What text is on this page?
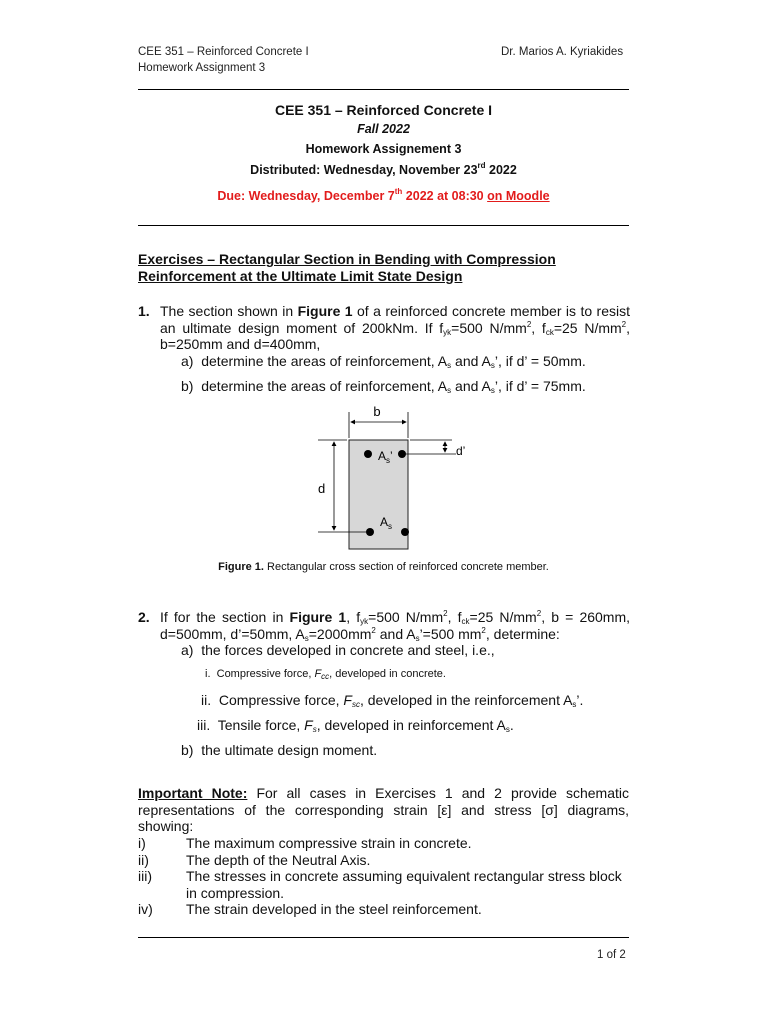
CEE 351 – Reinforced Concrete I
Homework Assignment 3
Dr. Marios A. Kyriakides
CEE 351 – Reinforced Concrete I
Fall 2022
Homework Assignement 3
Distributed: Wednesday, November 23rd 2022
Due: Wednesday, December 7th 2022 at 08:30 on Moodle
Exercises – Rectangular Section in Bending with Compression
Reinforcement at the Ultimate Limit State Design
1. The section shown in Figure 1 of a reinforced concrete member is to resist
an ultimate design moment of 200kNm. If $f_{yk}=500$ $N/mm^2$, $f_{ck}=25$ $N/mm^2$,
b=250mm and d=400mm,
a) determine the areas of reinforcement, $A_s$ and $A_s$’, if d’ = 50mm.
b) determine the areas of reinforcement, $A_s$ and $A_s$’, if d’ = 75mm.
b
d
d’
$A_s$’
$A_s$
Figure 1. Rectangular cross section of reinforced concrete member.
2. If for the section in Figure 1, $f_{yk}=500$ $N/mm^2$, $f_{ck}=25$ $N/mm^2$, b = 260mm,
d=500mm, d’=50mm, $A_s=2000mm^2$ and $A_s’=500$ $mm^2$, determine:
a) the forces developed in concrete and steel, i.e.,
i. Compressive force, $F_{cc}$, developed in concrete.
ii. Compressive force, $F_{sc}$, developed in the reinforcement $A_s$’.
iii. Tensile force, $F_s$, developed in reinforcement $A_s$.
b) the ultimate design moment.
Important Note: For all cases in Exercises 1 and 2 provide schematic
representations of the corresponding strain [ε] and stress [σ] diagrams,
showing:
i)	The maximum compressive strain in concrete.
ii)	The depth of the Neutral Axis.
iii) The stresses in concrete assuming equivalent rectangular stress block
in compression.
iv) The strain developed in the steel reinforcement.
1 of 2
